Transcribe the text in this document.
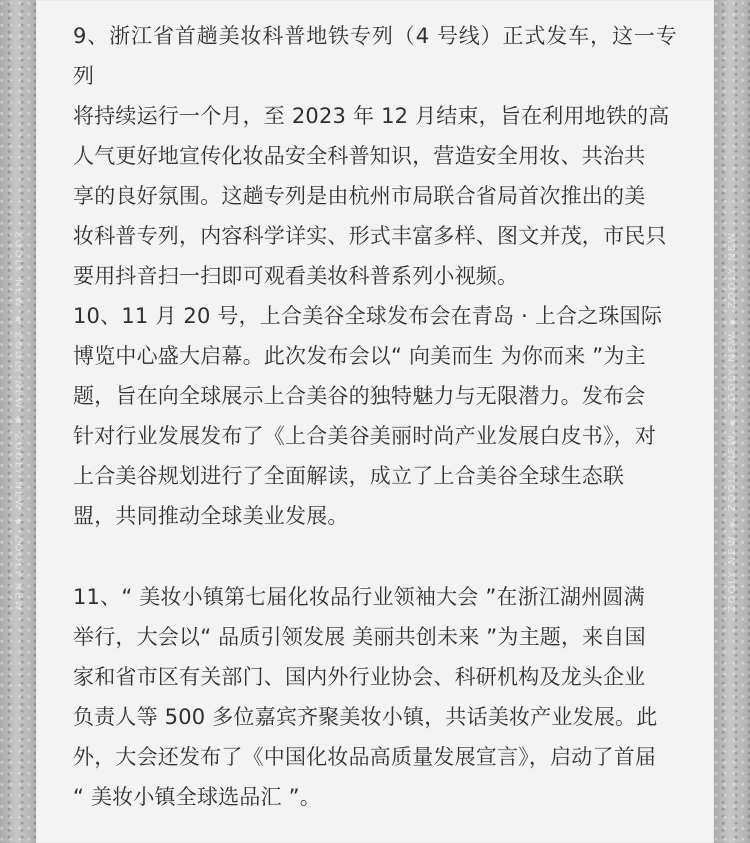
ZOOLY NEW ★ ZOOLY NEW ★ ZOOLY NEW ★ ZOOLY NEW	ZOOLY NEW ★ ZOOLY NEW ★ ZOOLY NEW ★ ZOOLY NEW

9、浙江省首趟美妆科普地铁专列（4 号线）正式发车，这一专列
将持续运行一个月，至 2023 年 12 月结束，旨在利用地铁的高
人气更好地宣传化妆品安全科普知识，营造安全用妆、共治共
享的良好氛围。这趟专列是由杭州市局联合省局首次推出的美
妆科普专列，内容科学详实、形式丰富多样、图文并茂，市民只
要用抖音扫一扫即可观看美妆科普系列小视频。

10、11 月 20 号，上合美谷全球发布会在青岛 · 上合之珠国际
博览中心盛大启幕。此次发布会以“ 向美而生 为你而来 ”为主
题，旨在向全球展示上合美谷的独特魅力与无限潜力。发布会
针对行业发展发布了《上合美谷美丽时尚产业发展白皮书》，对
上合美谷规划进行了全面解读，成立了上合美谷全球生态联
盟，共同推动全球美业发展。

11、“ 美妆小镇第七届化妆品行业领袖大会 ”在浙江湖州圆满
举行，大会以“ 品质引领发展 美丽共创未来 ”为主题，来自国
家和省市区有关部门、国内外行业协会、科研机构及龙头企业
负责人等 500 多位嘉宾齐聚美妆小镇，共话美妆产业发展。此
外，大会还发布了《中国化妆品高质量发展宣言》，启动了首届
“ 美妆小镇全球选品汇 ”。
